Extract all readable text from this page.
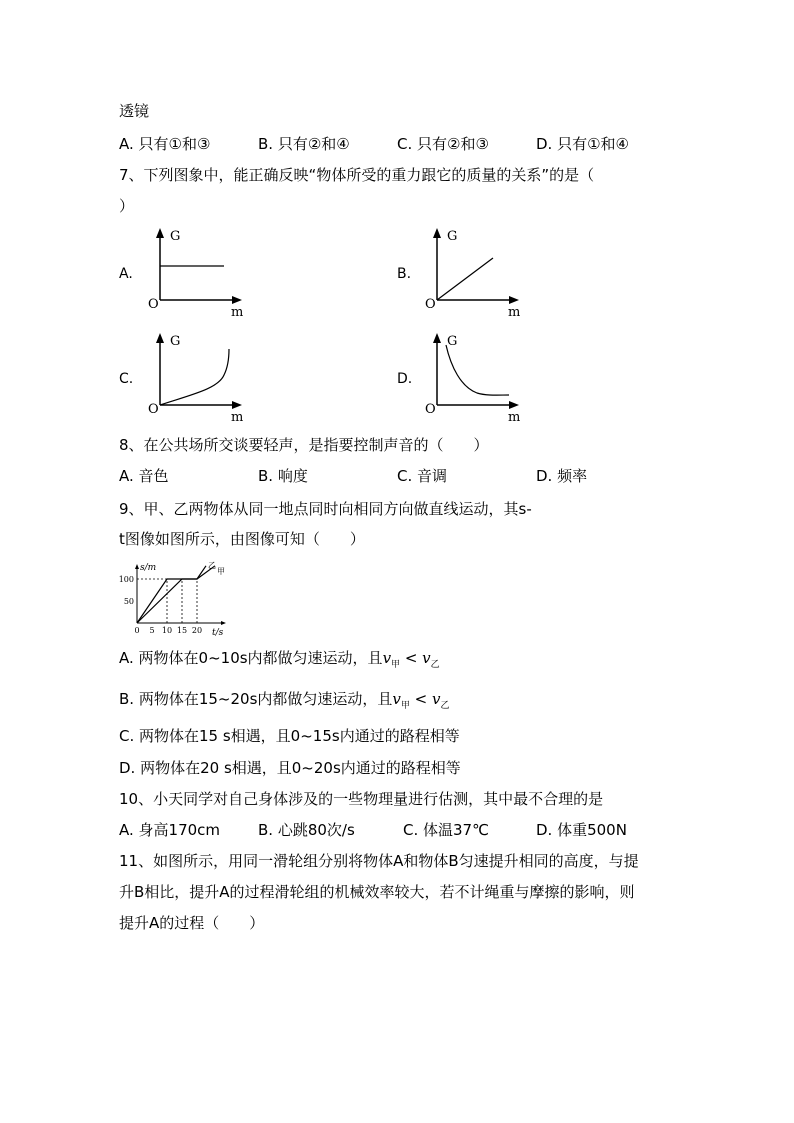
透镜
A. 只有①和③	B. 只有②和④	C. 只有②和③	D. 只有①和④
7、下列图象中，能正确反映“物体所受的重力跟它的质量的关系”的是（
）
A.
G
O
m
B.
G
O
m
C.
G
O
m
D.
G
O
m
8、在公共场所交谈要轻声，是指要控制声音的（　　）
A. 音色	B. 响度	C. 音调	D. 频率
9、甲、乙两物体从同一地点同时向相同方向做直线运动，其s-
t图像如图所示，由图像可知（　　）
0 5 10 15 20
50
100
乙
甲
s/m
t/s
A. 两物体在0~10s内都做匀速运动，且$v_甲 < v_乙$
B. 两物体在15~20s内都做匀速运动，且$v_甲 < v_乙$
C. 两物体在15 s相遇，且0~15s内通过的路程相等
D. 两物体在20 s相遇，且0~20s内通过的路程相等
10、小天同学对自己身体涉及的一些物理量进行估测，其中最不合理的是
A. 身高170cm	B. 心跳80次/s	C. 体温37℃	D. 体重500N
11、如图所示，用同一滑轮组分别将物体A和物体B匀速提升相同的高度，与提
升B相比，提升A的过程滑轮组的机械效率较大，若不计绳重与摩擦的影响，则
提升A的过程（　　）
